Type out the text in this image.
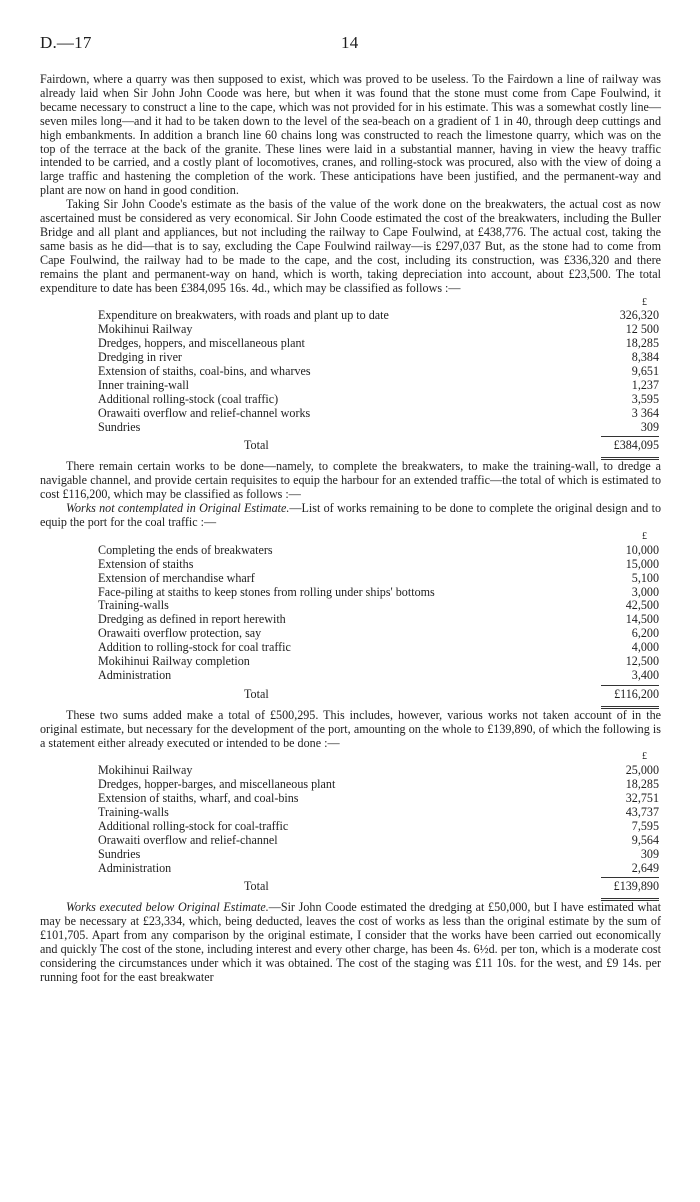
D.—17	14

Fairdown, where a quarry was then supposed to exist, which was proved to be useless. To the Fairdown a line of railway was already laid when Sir John John Coode was here, but when it was found that the stone must come from Cape Foulwind, it became necessary to construct a line to the cape, which was not provided for in his estimate. This was a somewhat costly line—seven miles long—and it had to be taken down to the level of the sea-beach on a gradient of 1 in 40, through deep cuttings and high embankments. In addition a branch line 60 chains long was constructed to reach the limestone quarry, which was on the top of the terrace at the back of the granite. These lines were laid in a substantial manner, having in view the heavy traffic intended to be carried, and a costly plant of locomotives, cranes, and rolling-stock was procured, also with the view of doing a large traffic and hastening the completion of the work. These anticipations have been justified, and the permanent-way and plant are now on hand in good condition.

Taking Sir John Coode's estimate as the basis of the value of the work done on the breakwaters, the actual cost as now ascertained must be considered as very economical. Sir John Coode estimated the cost of the breakwaters, including the Buller Bridge and all plant and appliances, but not including the railway to Cape Foulwind, at £438,776. The actual cost, taking the same basis as he did—that is to say, excluding the Cape Foulwind railway—is £297,037 But, as the stone had to come from Cape Foulwind, the railway had to be made to the cape, and the cost, including its construction, was £336,320 and there remains the plant and permanent-way on hand, which is worth, taking depreciation into account, about £23,500. The total expenditure to date has been £384,095 16s. 4d., which may be classified as follows :—

£
Expenditure on breakwaters, with roads and plant up to date	326,320
Mokihinui Railway	12 500
Dredges, hoppers, and miscellaneous plant	18,285
Dredging in river	8,384
Extension of staiths, coal-bins, and wharves	9,651
Inner training-wall	1,237
Additional rolling-stock (coal traffic)	3,595
Orawaiti overflow and relief-channel works	3 364
Sundries	309
Total	£384,095

There remain certain works to be done—namely, to complete the breakwaters, to make the training-wall, to dredge a navigable channel, and provide certain requisites to equip the harbour for an extended traffic—the total of which is estimated to cost £116,200, which may be classified as follows :—

Works not contemplated in Original Estimate.—List of works remaining to be done to complete the original design and to equip the port for the coal traffic :—

£
Completing the ends of breakwaters	10,000
Extension of staiths	15,000
Extension of merchandise wharf	5,100
Face-piling at staiths to keep stones from rolling under ships' bottoms	3,000
Training-walls	42,500
Dredging as defined in report herewith	14,500
Orawaiti overflow protection, say	6,200
Addition to rolling-stock for coal traffic	4,000
Mokihinui Railway completion	12,500
Administration	3,400
Total	£116,200

These two sums added make a total of £500,295. This includes, however, various works not taken account of in the original estimate, but necessary for the development of the port, amounting on the whole to £139,890, of which the following is a statement either already executed or intended to be done :—

£
Mokihinui Railway	25,000
Dredges, hopper-barges, and miscellaneous plant	18,285
Extension of staiths, wharf, and coal-bins	32,751
Training-walls	43,737
Additional rolling-stock for coal-traffic	7,595
Orawaiti overflow and relief-channel	9,564
Sundries	309
Administration	2,649
Total	£139,890

Works executed below Original Estimate.—Sir John Coode estimated the dredging at £50,000, but I have estimated what may be necessary at £23,334, which, being deducted, leaves the cost of works as less than the original estimate by the sum of £101,705. Apart from any comparison by the original estimate, I consider that the works have been carried out economically and quickly The cost of the stone, including interest and every other charge, has been 4s. 6½d. per ton, which is a moderate cost considering the circumstances under which it was obtained. The cost of the staging was £11 10s. for the west, and £9 14s. per running foot for the east breakwater
